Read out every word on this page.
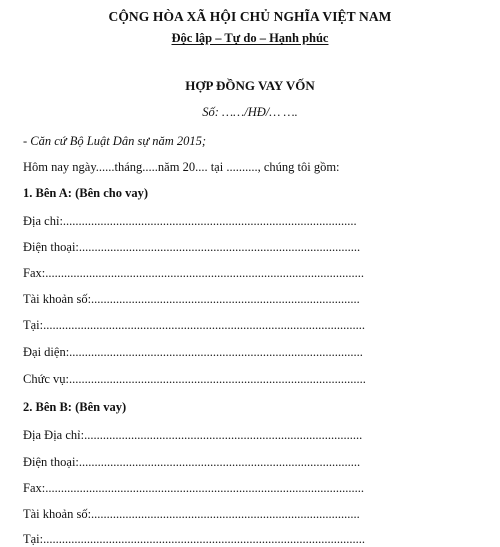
CỘNG HÒA XÃ HỘI CHỦ NGHĨA VIỆT NAM
Độc lập – Tự do – Hạnh phúc
HỢP ĐỒNG VAY VỐN
Số: ……/HĐ/… ….
- Căn cứ Bộ Luật Dân sự năm 2015;
Hôm nay ngày......tháng.....năm 20.... tại .........., chúng tôi gồm:
1. Bên A: (Bên cho vay)
Địa chỉ:..............................................................................................
Điện thoại:..........................................................................................
Fax:......................................................................................................
Tài khoản số:......................................................................................
Tại:.......................................................................................................
Đại diện:..............................................................................................
Chức vụ:...............................................................................................
2. Bên B: (Bên vay)
Địa Địa chỉ:.........................................................................................
Điện thoại:..........................................................................................
Fax:......................................................................................................
Tài khoản số:......................................................................................
Tại:.......................................................................................................
